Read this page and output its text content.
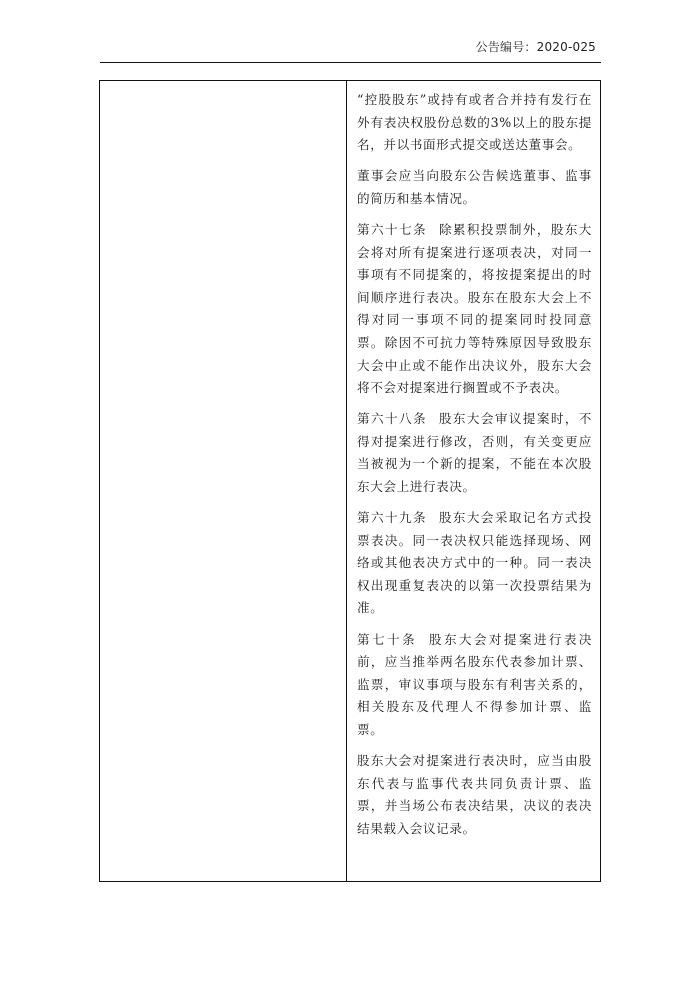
公告编号：2020-025

“控股股东”或持有或者合并持有发行在外有表决权股份总数的3%以上的股东提名，并以书面形式提交或送达董事会。

董事会应当向股东公告候选董事、监事的简历和基本情况。

第六十七条 除累积投票制外，股东大会将对所有提案进行逐项表决，对同一事项有不同提案的，将按提案提出的时间顺序进行表决。股东在股东大会上不得对同一事项不同的提案同时投同意票。除因不可抗力等特殊原因导致股东大会中止或不能作出决议外，股东大会将不会对提案进行搁置或不予表决。

第六十八条 股东大会审议提案时，不得对提案进行修改，否则，有关变更应当被视为一个新的提案，不能在本次股东大会上进行表决。

第六十九条 股东大会采取记名方式投票表决。同一表决权只能选择现场、网络或其他表决方式中的一种。同一表决权出现重复表决的以第一次投票结果为准。

第七十条 股东大会对提案进行表决前，应当推举两名股东代表参加计票、监票，审议事项与股东有利害关系的，相关股东及代理人不得参加计票、监票。

股东大会对提案进行表决时，应当由股东代表与监事代表共同负责计票、监票，并当场公布表决结果，决议的表决结果载入会议记录。
